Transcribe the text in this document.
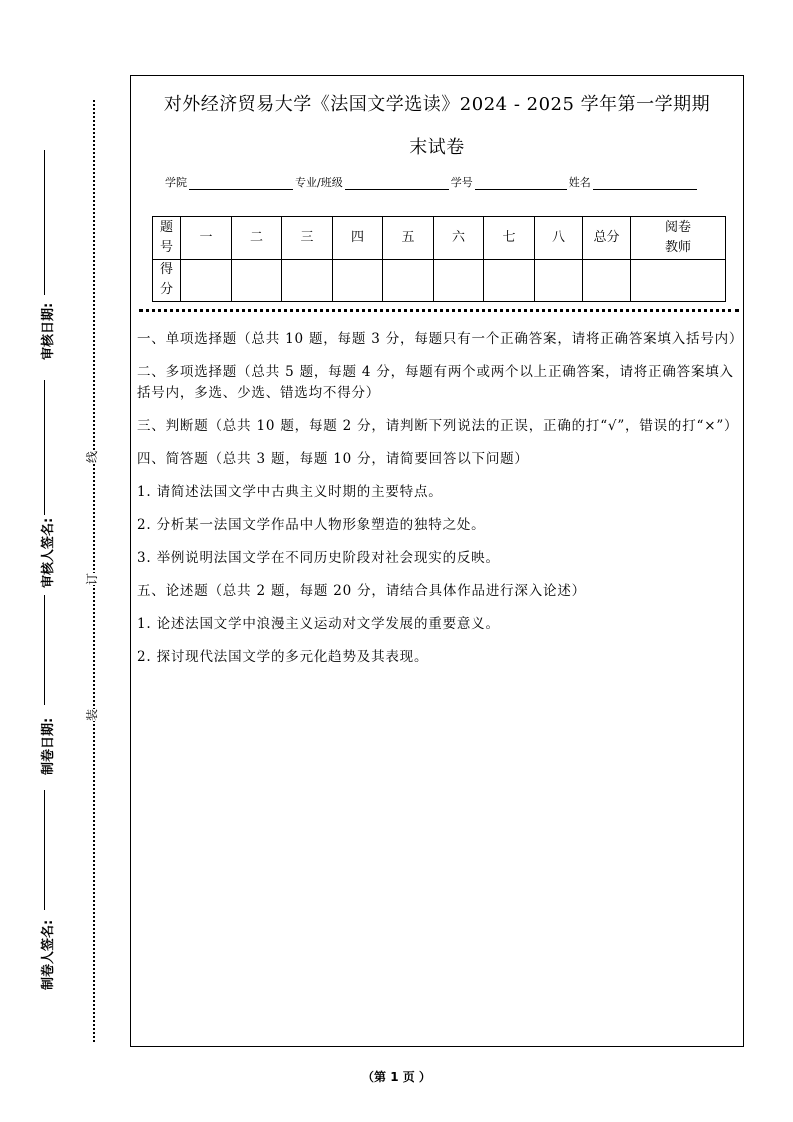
审核日期:
审核人签名:
制卷日期:
制卷人签名:
线
订
装
对外经济贸易大学《法国文学选读》2024 - 2025 学年第一学期期
末试卷
学院	专业/班级	学号	姓名
题号	一	二	三	四	五	六	七	八	总分	阅卷教师
得分										

一、单项选择题（总共 10 题，每题 3 分，每题只有一个正确答案，请将正确答案填入括号内）

二、多项选择题（总共 5 题，每题 4 分，每题有两个或两个以上正确答案，请将正确答案填入括号内，多选、少选、错选均不得分）

三、判断题（总共 10 题，每题 2 分，请判断下列说法的正误，正确的打“√”，错误的打“×”）

四、简答题（总共 3 题，每题 10 分，请简要回答以下问题）

1. 请简述法国文学中古典主义时期的主要特点。

2. 分析某一法国文学作品中人物形象塑造的独特之处。

3. 举例说明法国文学在不同历史阶段对社会现实的反映。

五、论述题（总共 2 题，每题 20 分，请结合具体作品进行深入论述）

1. 论述法国文学中浪漫主义运动对文学发展的重要意义。

2. 探讨现代法国文学的多元化趋势及其表现。

（第 1 页 ）
